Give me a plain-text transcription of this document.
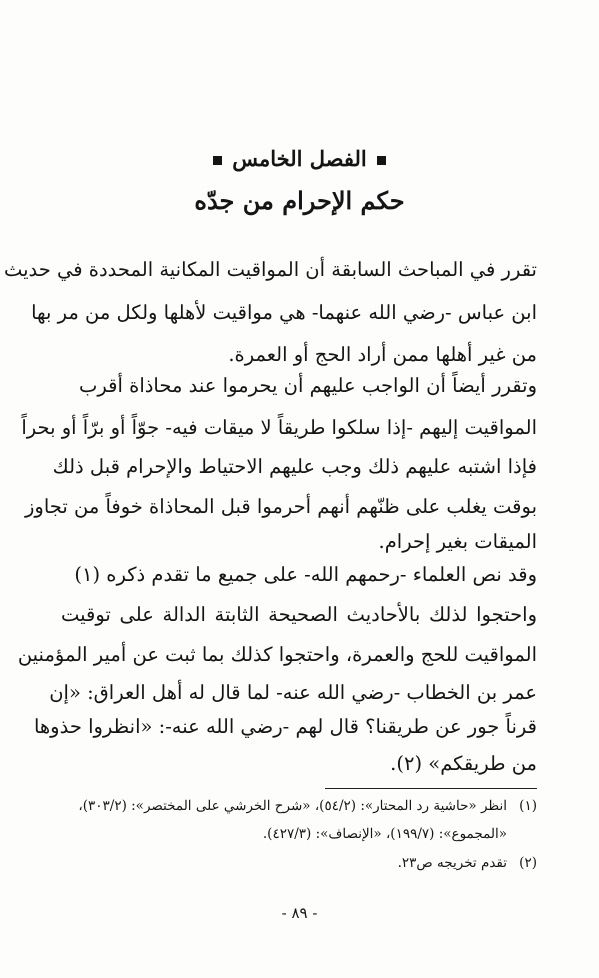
الفصل الخامس
حكم الإحرام من جدّه
تقرر في المباحث السابقة أن المواقيت المكانية المحددة في حديث
ابن عباس -رضي الله عنهما- هي مواقيت لأهلها ولكل من مر بها
من غير أهلها ممن أراد الحج أو العمرة.
وتقرر أيضاً أن الواجب عليهم أن يحرموا عند محاذاة أقرب
المواقيت إليهم -إذا سلكوا طريقاً لا ميقات فيه- جوّاً أو برّاً أو بحراً
فإذا اشتبه عليهم ذلك وجب عليهم الاحتياط والإحرام قبل ذلك
بوقت يغلب على ظنّهم أنهم أحرموا قبل المحاذاة خوفاً من تجاوز
الميقات بغير إحرام.
وقد نص العلماء -رحمهم الله- على جميع ما تقدم ذكره (١)
واحتجوا لذلك بالأحاديث الصحيحة الثابتة الدالة على توقيت
المواقيت للحج والعمرة، واحتجوا كذلك بما ثبت عن أمير المؤمنين
عمر بن الخطاب -رضي الله عنه- لما قال له أهل العراق: «إن
قرناً جور عن طريقنا؟ قال لهم -رضي الله عنه-: «انظروا حذوها
من طريقكم» (٢).
(١)انظر «حاشية رد المحتار»: (٥٤/٢)، «شرح الخرشي على المختصر»: (٣٠٣/٢)،
«المجموع»: (١٩٩/٧)، «الإنصاف»: (٤٢٧/٣).
(٢)تقدم تخريجه ص٢٣.
- ٨٩ -
